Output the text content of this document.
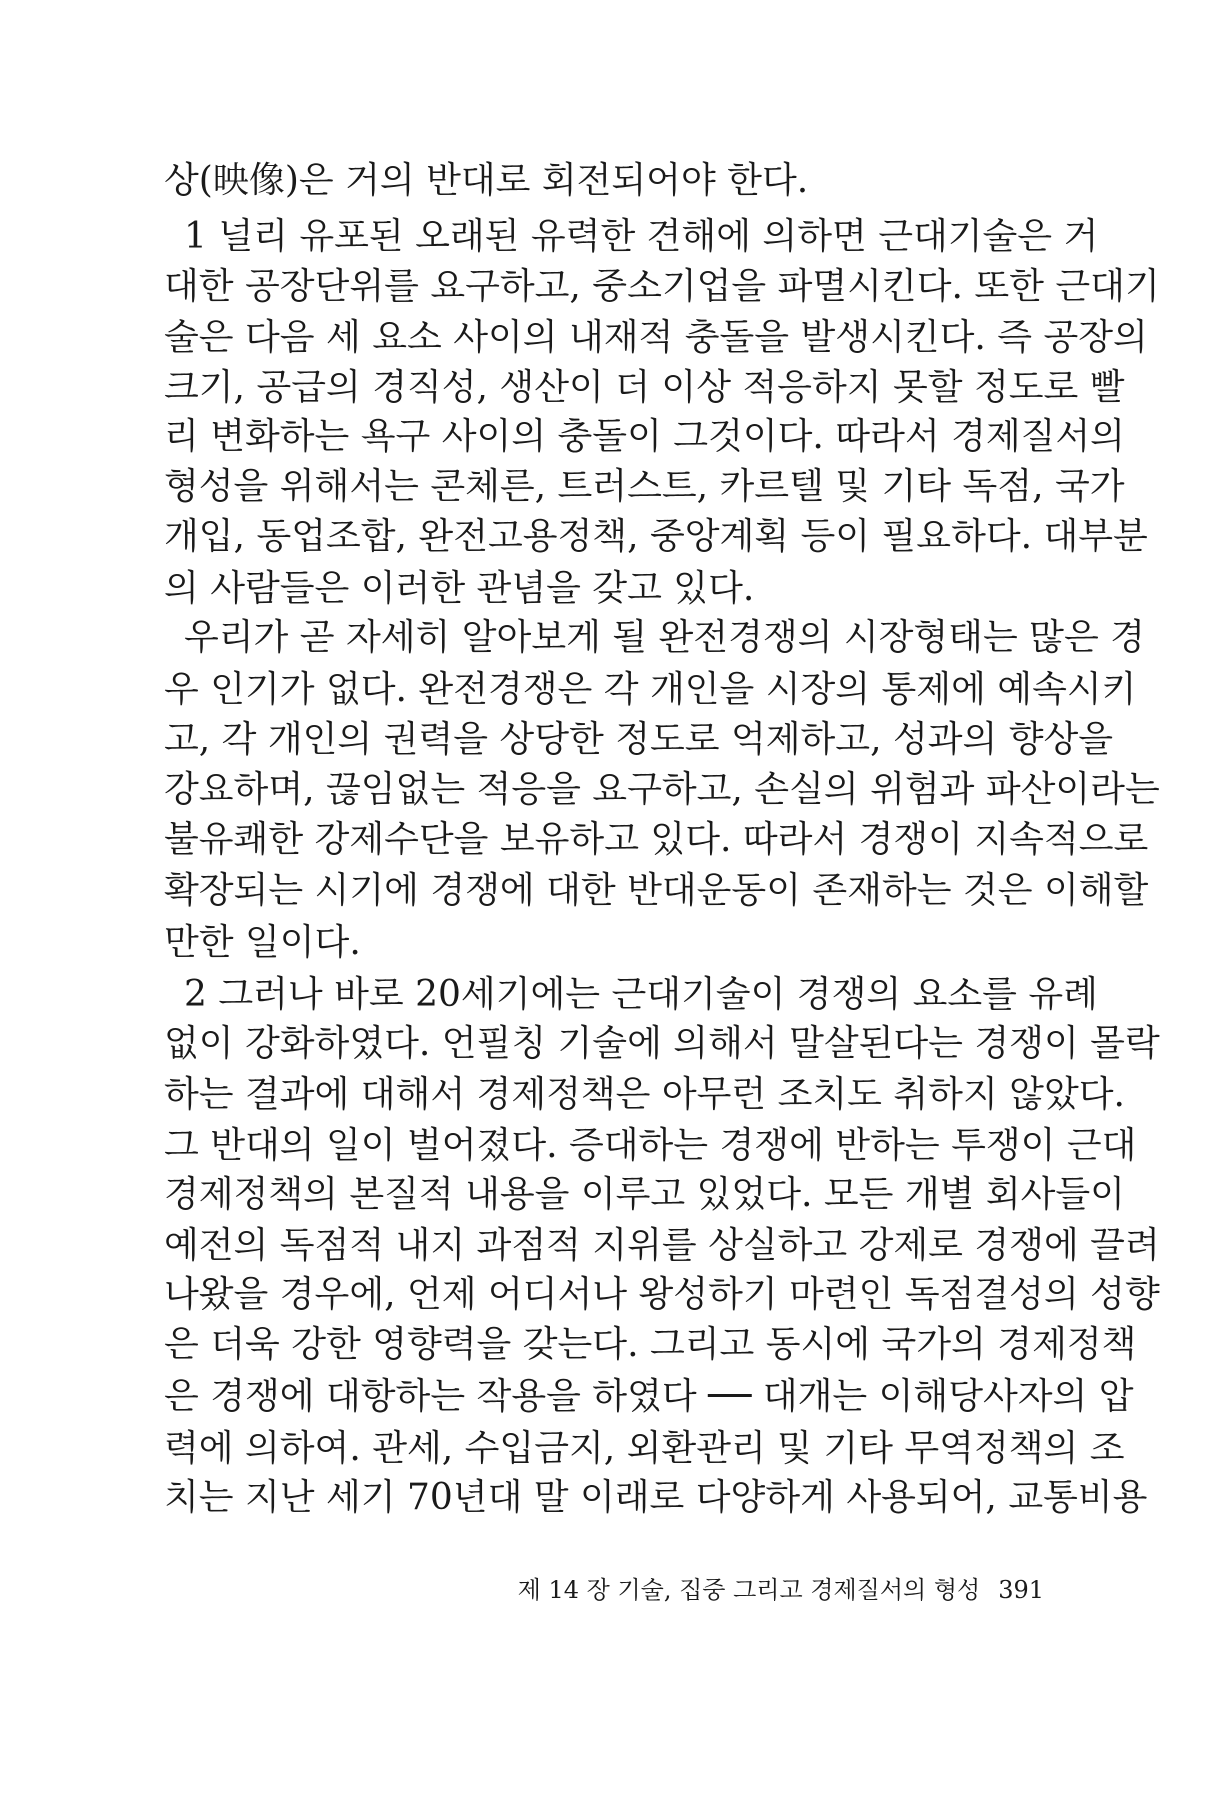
상(映像)은 거의 반대로 회전되어야 한다.
1 널리 유포된 오래된 유력한 견해에 의하면 근대기술은 거
대한 공장단위를 요구하고, 중소기업을 파멸시킨다. 또한 근대기
술은 다음 세 요소 사이의 내재적 충돌을 발생시킨다. 즉 공장의
크기, 공급의 경직성, 생산이 더 이상 적응하지 못할 정도로 빨
리 변화하는 욕구 사이의 충돌이 그것이다. 따라서 경제질서의
형성을 위해서는 콘체른, 트러스트, 카르텔 및 기타 독점, 국가
개입, 동업조합, 완전고용정책, 중앙계획 등이 필요하다. 대부분
의 사람들은 이러한 관념을 갖고 있다.
우리가 곧 자세히 알아보게 될 완전경쟁의 시장형태는 많은 경
우 인기가 없다. 완전경쟁은 각 개인을 시장의 통제에 예속시키
고, 각 개인의 권력을 상당한 정도로 억제하고, 성과의 향상을
강요하며, 끊임없는 적응을 요구하고, 손실의 위험과 파산이라는
불유쾌한 강제수단을 보유하고 있다. 따라서 경쟁이 지속적으로
확장되는 시기에 경쟁에 대한 반대운동이 존재하는 것은 이해할
만한 일이다.
2 그러나 바로 20세기에는 근대기술이 경쟁의 요소를 유례
없이 강화하였다. 언필칭 기술에 의해서 말살된다는 경쟁이 몰락
하는 결과에 대해서 경제정책은 아무런 조치도 취하지 않았다.
그 반대의 일이 벌어졌다. 증대하는 경쟁에 반하는 투쟁이 근대
경제정책의 본질적 내용을 이루고 있었다. 모든 개별 회사들이
예전의 독점적 내지 과점적 지위를 상실하고 강제로 경쟁에 끌려
나왔을 경우에, 언제 어디서나 왕성하기 마련인 독점결성의 성향
은 더욱 강한 영향력을 갖는다. 그리고 동시에 국가의 경제정책
은 경쟁에 대항하는 작용을 하였다 ── 대개는 이해당사자의 압
력에 의하여. 관세, 수입금지, 외환관리 및 기타 무역정책의 조
치는 지난 세기 70년대 말 이래로 다양하게 사용되어, 교통비용
제 14 장 기술, 집중 그리고 경제질서의 형성 391
